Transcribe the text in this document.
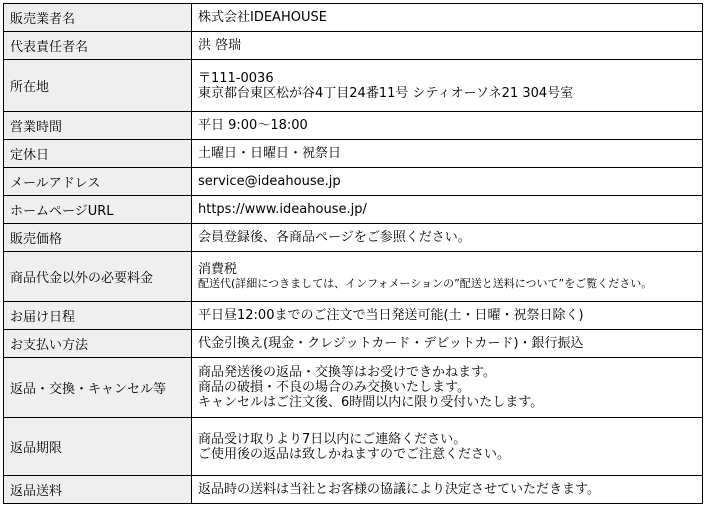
販売業者名	株式会社IDEAHOUSE

代表責任者名	洪 啓瑞

所在地	〒111-0036
東京都台東区松が谷4丁目24番11号 シティオーソネ21 304号室

営業時間	平日 9:00〜18:00

定休日	土曜日・日曜日・祝祭日

メールアドレス	service@ideahouse.jp

ホームページURL	https://www.ideahouse.jp/

販売価格	会員登録後、各商品ページをご参照ください。

商品代金以外の必要料金	消費税
配送代(詳細につきましては、インフォメーションの”配送と送料について”をご覧ください。

お届け日程	平日昼12:00までのご注文で当日発送可能(土・日曜・祝祭日除く)

お支払い方法	代金引換え(現金・クレジットカード・デビットカード)・銀行振込

返品・交換・キャンセル等	商品発送後の返品・交換等はお受けできかねます。
商品の破損・不良の場合のみ交換いたします。
キャンセルはご注文後、6時間以内に限り受付いたします。

返品期限	商品受け取りより7日以内にご連絡ください。
ご使用後の返品は致しかねますのでご注意ください。

返品送料	返品時の送料は当社とお客様の協議により決定させていただきます。
